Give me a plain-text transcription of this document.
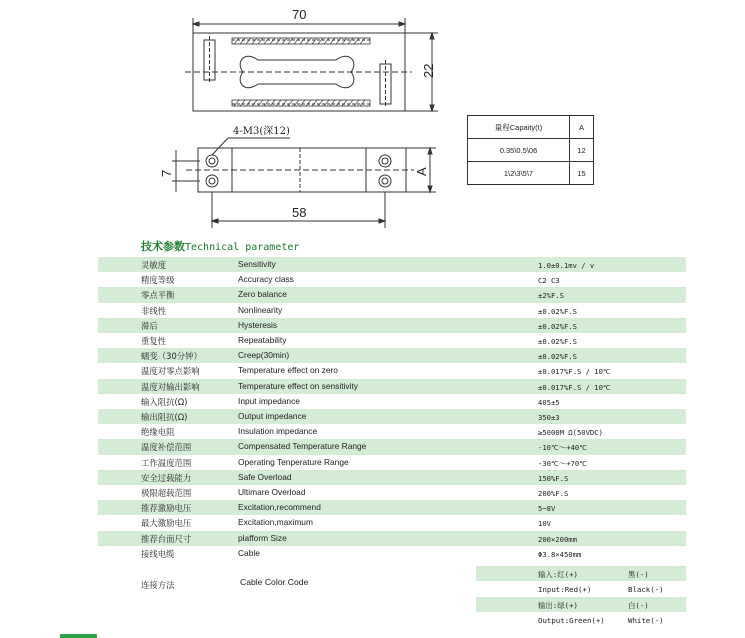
70
22
4-M3(深12)
7	A
58
量程Capaity(t)	A
0.35\0.5\06	12
1\2\3\5\7	15
技术参数Technical parameter
灵敏度	Sensitivity	1.0±0.1mv / v
精度等级	Accuracy class	C2 C3
零点平衡	Zero balance	±2%F.S
非线性	Nonlinearity	±0.02%F.S
滞后	Hysteresis	±0.02%F.S
重复性	Repeatability	±0.02%F.S
蠕变（30分钟）	Creep(30min)	±0.02%F.S
温度对零点影响	Temperature effect on zero	±0.017%F.S / 10℃
温度对输出影响	Temperature effect on sensitivity	±0.017%F.S / 10℃
输入阻抗(Ω)	Input impedance	405±5
输出阻抗(Ω)	Output impedance	350±3
绝缘电阻	Insulation impedance	≥5000M Ω(50VDC)
温度补偿范围	Compensated Temperature Range	-10℃～+40℃
工作温度范围	Operating Tenperature Range	-30℃～+70℃
安全过载能力	Safe Overload	150%F.S
极限超载范围	Ultimare Overload	200%F.S
推荐激励电压	Excitation,recommend	5~8V
最大激励电压	Excitation,maximum	10V
推荐台面尺寸	plafform Size	200×200mm
接线电缆	Cable	Φ3.8×450mm
输入:红(+)	黑(-)
Input:Red(+)	Black(-)
输出:绿(+)	白(-)
Output:Green(+)	White(-)
连接方法	Cable Color Code
